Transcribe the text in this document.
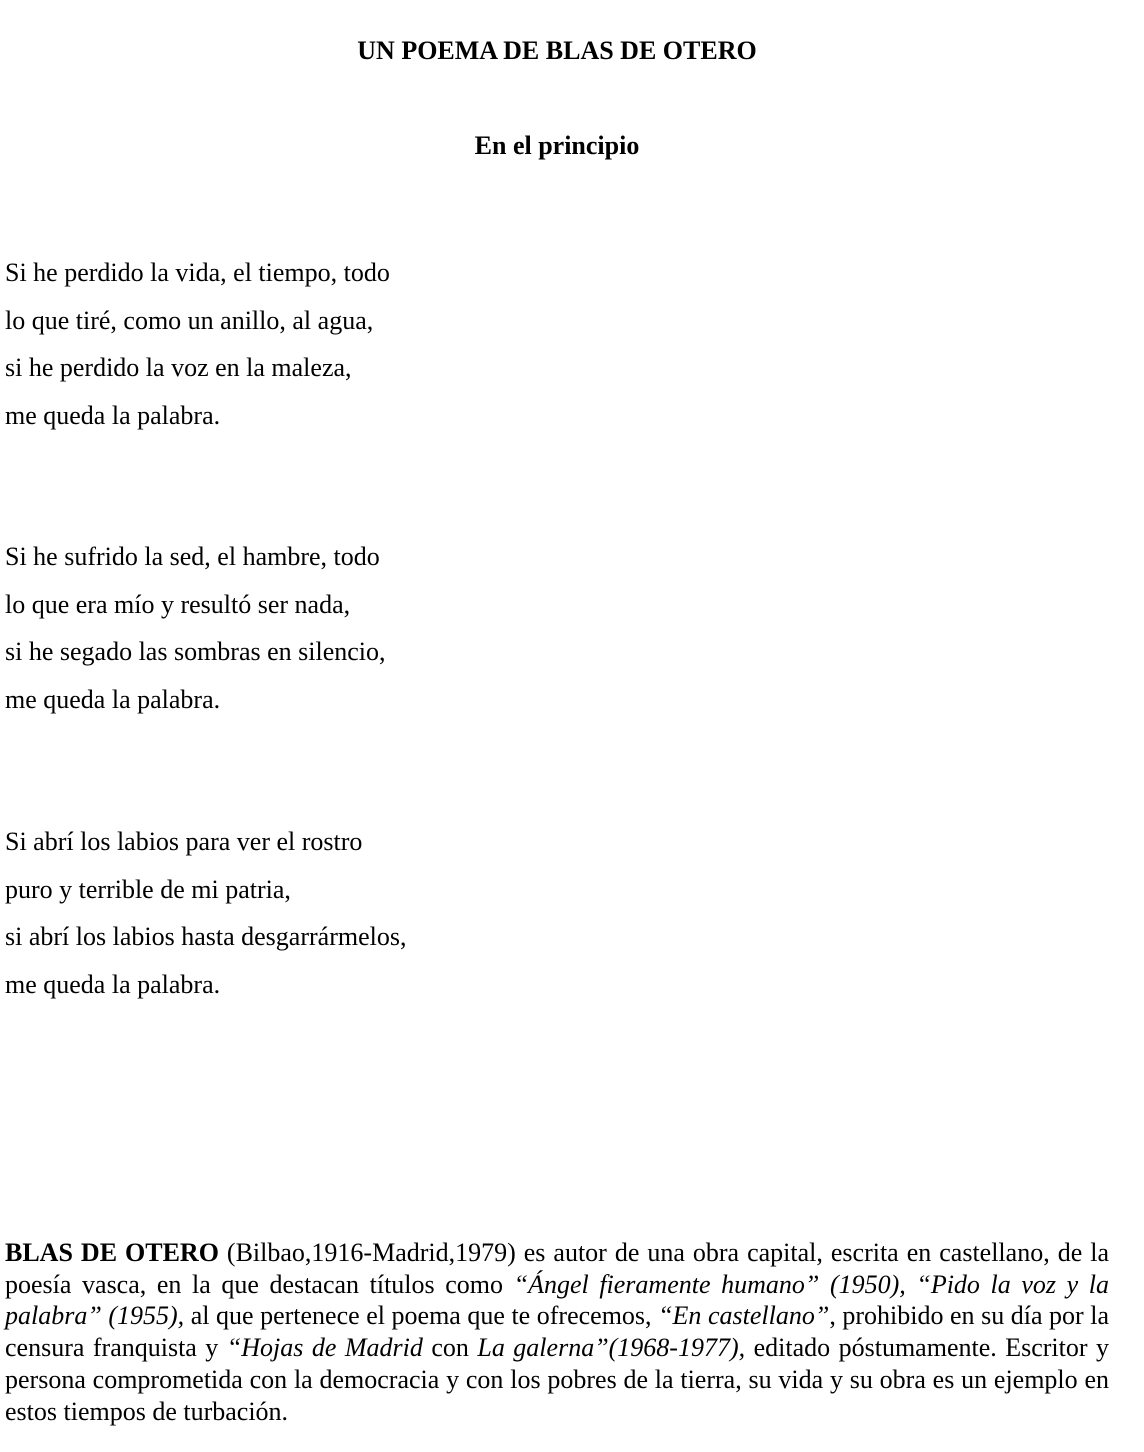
UN POEMA DE BLAS DE OTERO
En el principio
Si he perdido la vida, el tiempo, todo
lo que tiré, como un anillo, al agua,
si he perdido la voz en la maleza,
me queda la palabra.
Si he sufrido la sed, el hambre, todo
lo que era mío y resultó ser nada,
si he segado las sombras en silencio,
me queda la palabra.
Si abrí los labios para ver el rostro
puro y terrible de mi patria,
si abrí los labios hasta desgarrármelos,
me queda la palabra.

BLAS DE OTERO (Bilbao,1916-Madrid,1979) es autor de una obra capital, escrita en castellano, de la poesía vasca, en la que destacan títulos como “Ángel fieramente humano” (1950), “Pido la voz y la palabra” (1955), al que pertenece el poema que te ofrecemos, “En castellano”, prohibido en su día por la censura franquista y “Hojas de Madrid con La galerna”(1968-1977), editado póstumamente. Escritor y persona comprometida con la democracia y con los pobres de la tierra, su vida y su obra es un ejemplo en estos tiempos de turbación.
